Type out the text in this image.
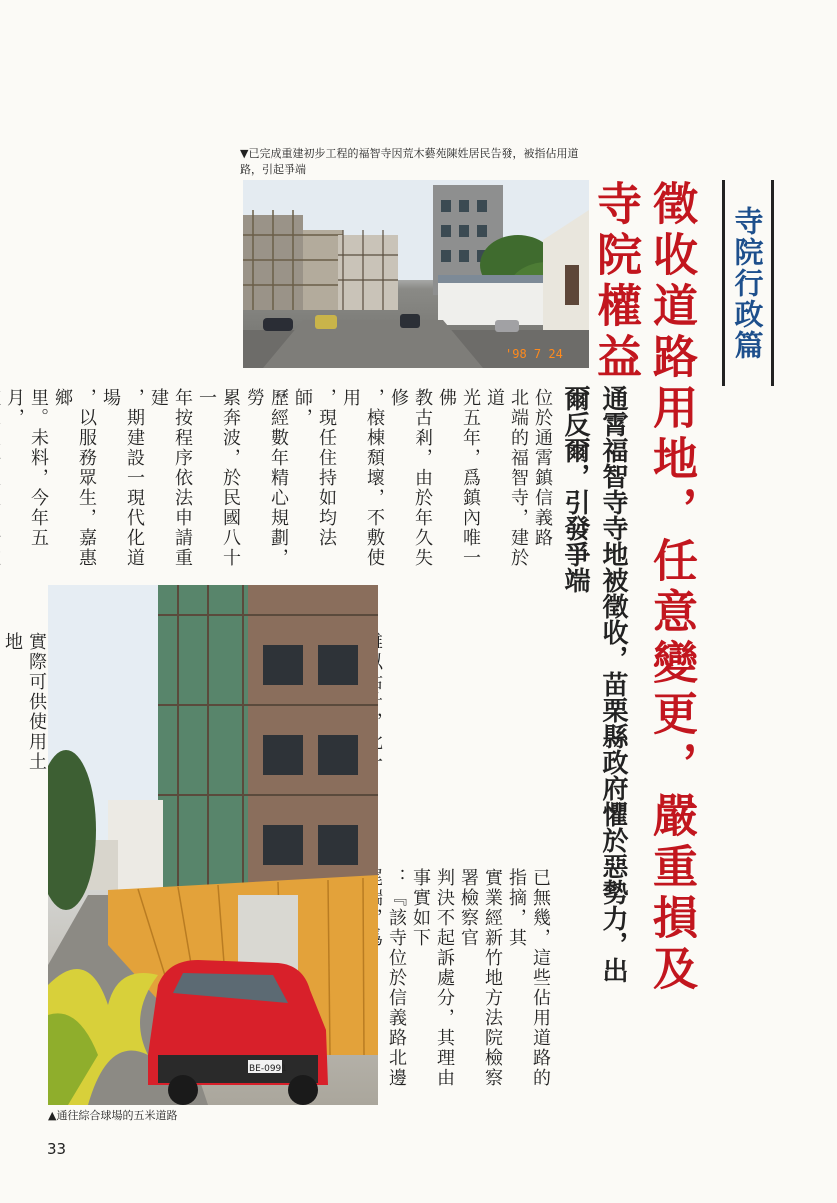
▼已完成重建初步工程的福智寺因荒木藝苑陳姓居民告發，被指佔用道路，引起爭端
'98 7 24	寺院行政篇
徵收道路用地，任意變更，嚴重損及寺院權益
通霄福智寺寺地被徵收，苗栗縣政府懼於惡勢力，出爾反爾，引發爭端
位於通霄鎮信義路
北端的福智寺，建於道
光五年，爲鎮內唯一佛
教古剎，由於年久失修
，榱棟頹壞，不敷使用
，現任住持如均法師，
歷經數年精心規劃，勞
累奔波，於民國八十一
年按程序依法申請重建
，期建設一現代化道場
，以服務眾生，嘉惠鄉
里。未料，今年五月，
實際可供使用土地
已無幾，這些佔用道路的指摘，其
實業經新竹地方法院檢察署檢察官
判決不起訴處分，其理由事實如下
：『該寺位於信義路北邊
BE-0991
▲通往綜合球場的五米道路
33
